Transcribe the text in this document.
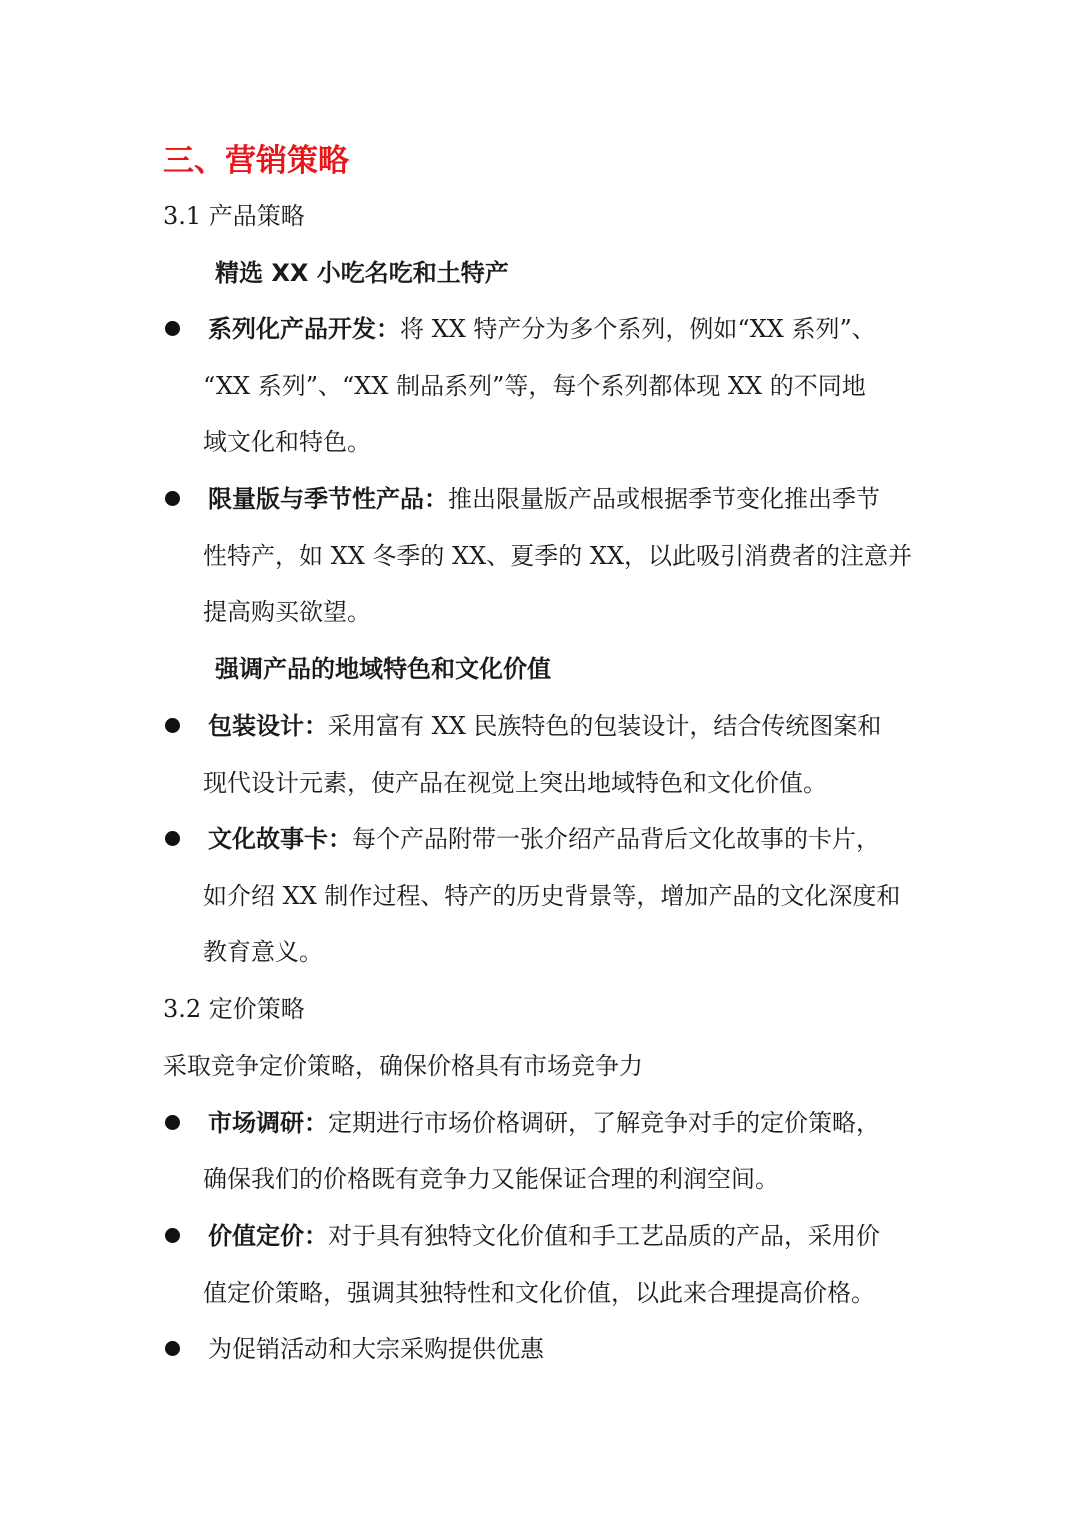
三、营销策略
3.1 产品策略
精选 XX 小吃名吃和土特产
系列化产品开发：将 XX 特产分为多个系列，例如“XX 系列”、
“XX 系列”、“XX 制品系列”等，每个系列都体现 XX 的不同地
域文化和特色。
限量版与季节性产品：推出限量版产品或根据季节变化推出季节
性特产，如 XX 冬季的 XX、夏季的 XX，以此吸引消费者的注意并
提高购买欲望。
强调产品的地域特色和文化价值
包装设计：采用富有 XX 民族特色的包装设计，结合传统图案和
现代设计元素，使产品在视觉上突出地域特色和文化价值。
文化故事卡：每个产品附带一张介绍产品背后文化故事的卡片，
如介绍 XX 制作过程、特产的历史背景等，增加产品的文化深度和
教育意义。
3.2 定价策略
采取竞争定价策略，确保价格具有市场竞争力
市场调研：定期进行市场价格调研，了解竞争对手的定价策略，
确保我们的价格既有竞争力又能保证合理的利润空间。
价值定价：对于具有独特文化价值和手工艺品质的产品，采用价
值定价策略，强调其独特性和文化价值，以此来合理提高价格。
为促销活动和大宗采购提供优惠
